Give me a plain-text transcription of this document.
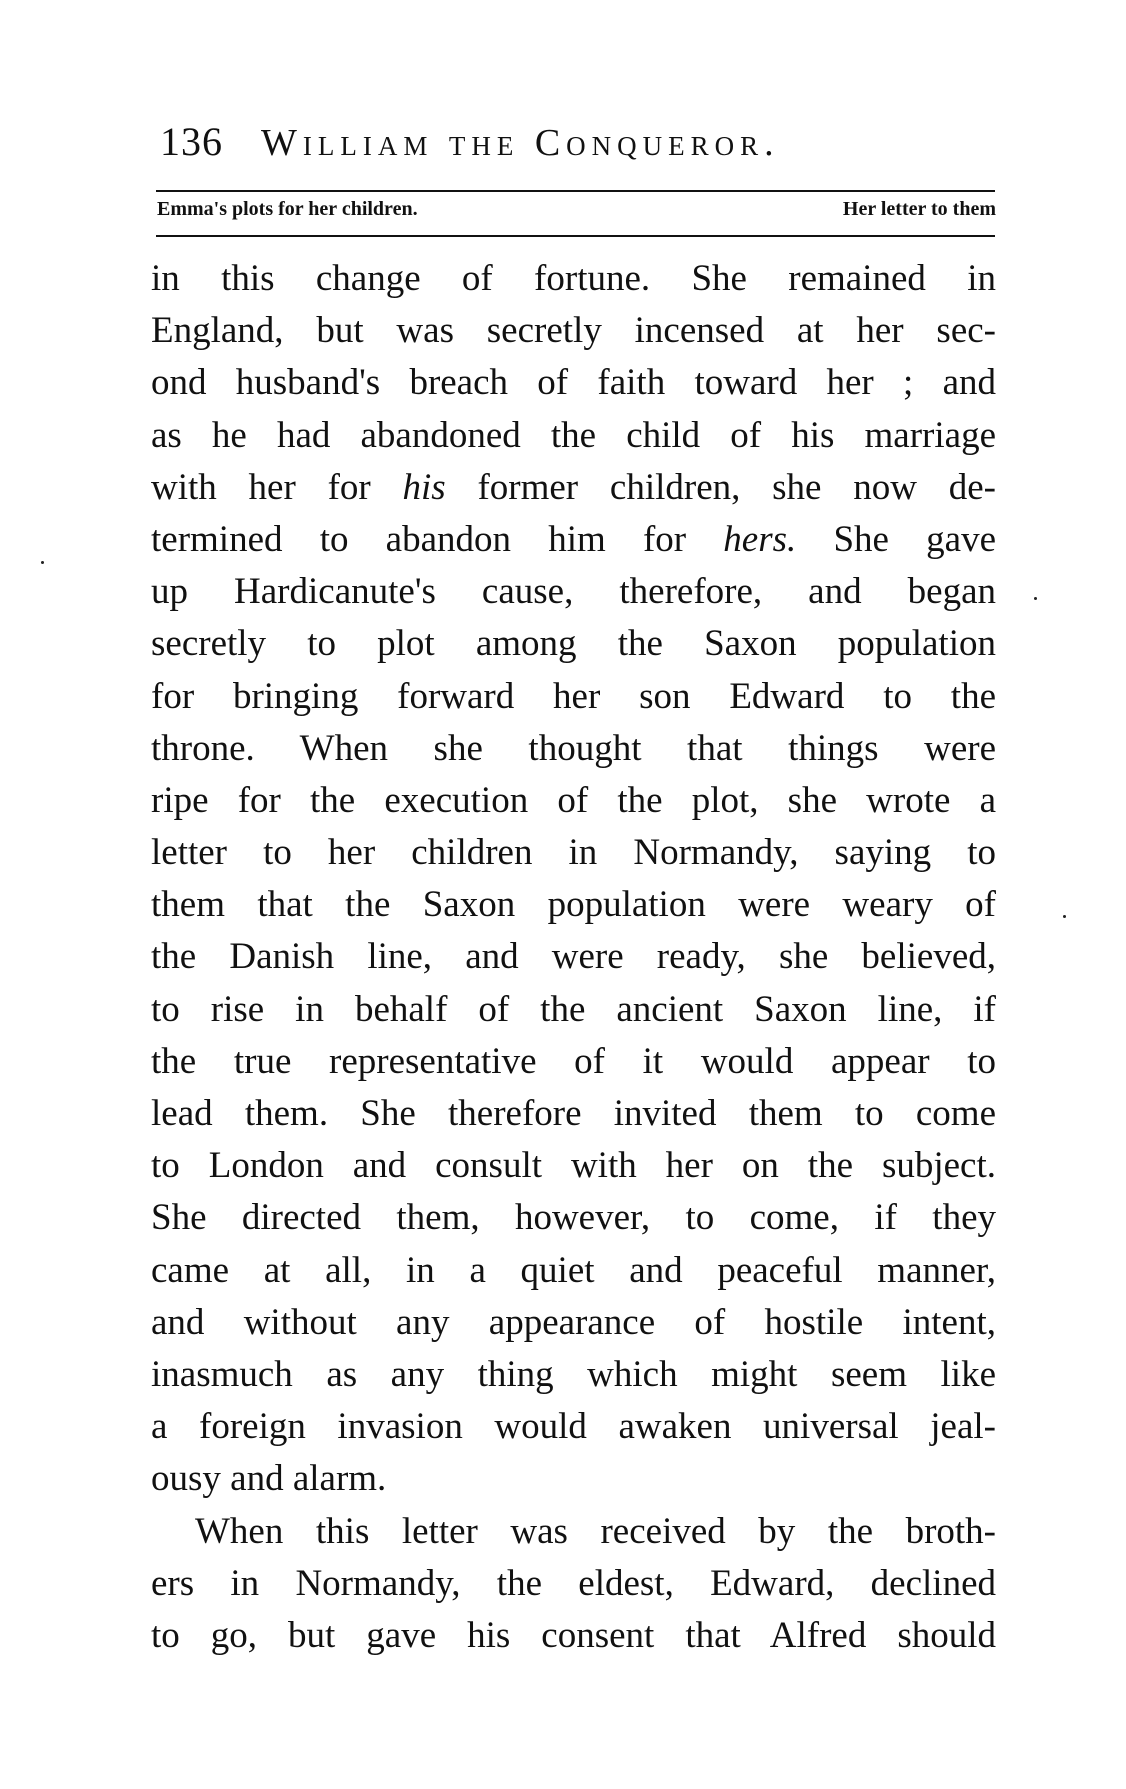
136 William the Conqueror.
Emma's plots for her children.	Her letter to them
in this change of fortune. She remained in
England, but was secretly incensed at her sec-
ond husband's breach of faith toward her ; and
as he had abandoned the child of his marriage
with her for his former children, she now de-
termined to abandon him for hers. She gave
up Hardicanute's cause, therefore, and began
secretly to plot among the Saxon population
for bringing forward her son Edward to the
throne. When she thought that things were
ripe for the execution of the plot, she wrote a
letter to her children in Normandy, saying to
them that the Saxon population were weary of
the Danish line, and were ready, she believed,
to rise in behalf of the ancient Saxon line, if
the true representative of it would appear to
lead them. She therefore invited them to come
to London and consult with her on the subject.
She directed them, however, to come, if they
came at all, in a quiet and peaceful manner,
and without any appearance of hostile intent,
inasmuch as any thing which might seem like
a foreign invasion would awaken universal jeal-
ousy and alarm.
When this letter was received by the broth-
ers in Normandy, the eldest, Edward, declined
to go, but gave his consent that Alfred should
